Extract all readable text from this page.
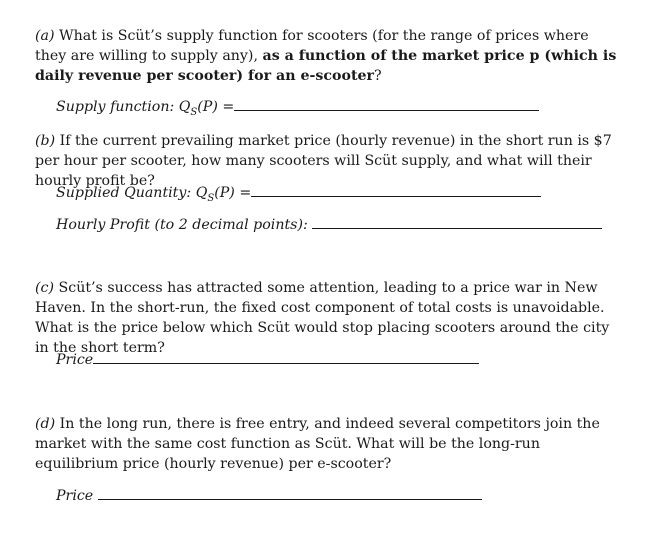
(a) What is Scüt’s supply function for scooters (for the range of prices where they are willing to supply any), as a function of the market price p (which is daily revenue per scooter) for an e-scooter?
Supply function: $Q_S(P)$ =
(b) If the current prevailing market price (hourly revenue) in the short run is $7 per hour per scooter, how many scooters will Scüt supply, and what will their hourly profit be?
Supplied Quantity: $Q_S(P)$ =
Hourly Profit (to 2 decimal points):
(c) Scüt’s success has attracted some attention, leading to a price war in New Haven. In the short-run, the fixed cost component of total costs is unavoidable. What is the price below which Scüt would stop placing scooters around the city in the short term?
Price
(d) In the long run, there is free entry, and indeed several competitors join the market with the same cost function as Scüt. What will be the long-run equilibrium price (hourly revenue) per e-scooter?
Price
